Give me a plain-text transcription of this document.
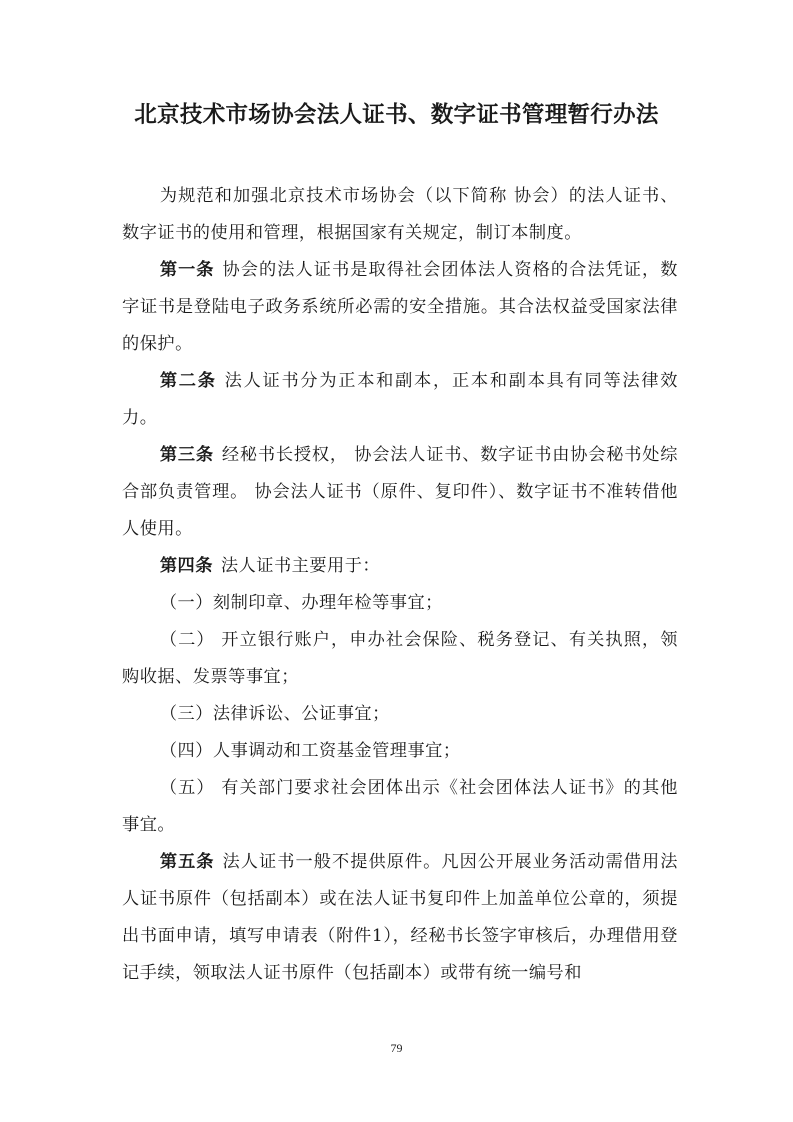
北京技术市场协会法人证书、数字证书管理暂行办法

为规范和加强北京技术市场协会（以下简称 协会）的法人证书、数字证书的使用和管理，根据国家有关规定，制订本制度。

第一条 协会的法人证书是取得社会团体法人资格的合法凭证，数字证书是登陆电子政务系统所必需的安全措施。其合法权益受国家法律的保护。

第二条 法人证书分为正本和副本，正本和副本具有同等法律效力。

第三条 经秘书长授权， 协会法人证书、数字证书由协会秘书处综合部负责管理。 协会法人证书（原件、复印件）、数字证书不准转借他人使用。

第四条 法人证书主要用于：

（一）刻制印章、办理年检等事宜；

（二） 开立银行账户，申办社会保险、税务登记、有关执照，领购收据、发票等事宜；

（三）法律诉讼、公证事宜；

（四）人事调动和工资基金管理事宜；

（五） 有关部门要求社会团体出示《社会团体法人证书》的其他事宜。

第五条 法人证书一般不提供原件。凡因公开展业务活动需借用法人证书原件（包括副本）或在法人证书复印件上加盖单位公章的，须提出书面申请，填写申请表（附件1），经秘书长签字审核后，办理借用登记手续，领取法人证书原件（包括副本）或带有统一编号和

79
